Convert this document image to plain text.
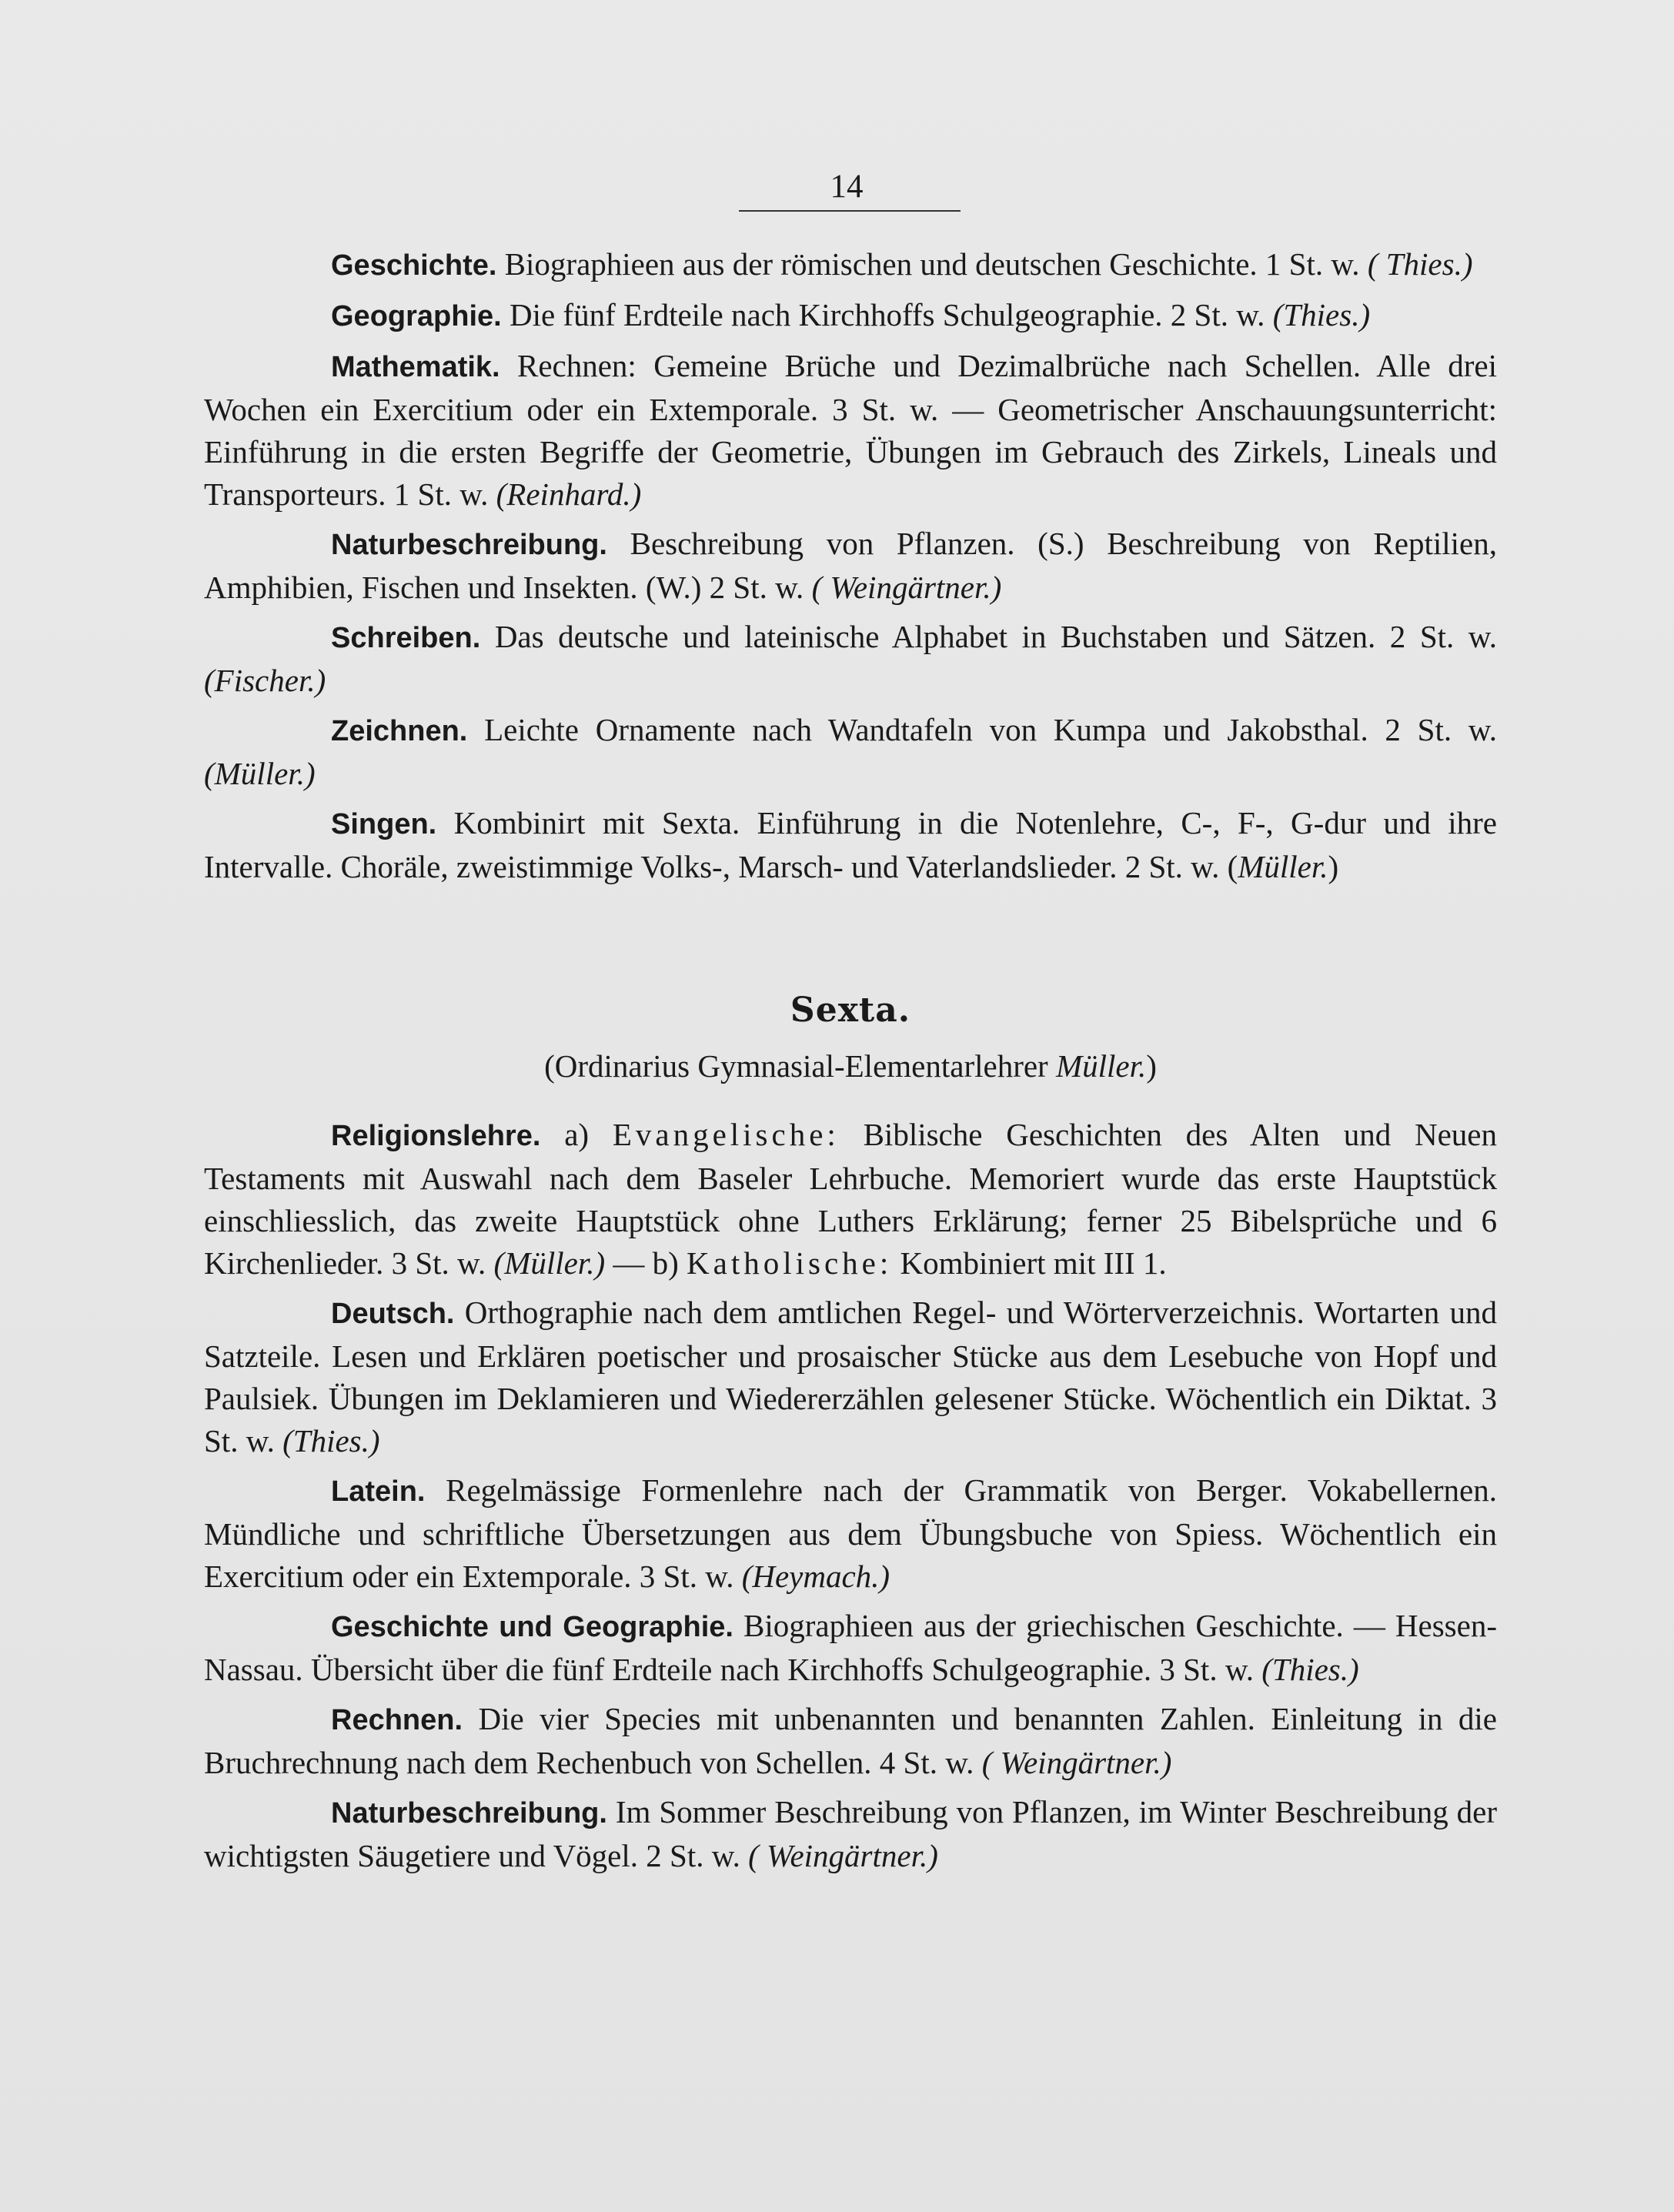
14

Geschichte. Biographieen aus der römischen und deutschen Geschichte. 1 St. w. ( Thies.)

Geographie. Die fünf Erdteile nach Kirchhoffs Schulgeographie. 2 St. w. (Thies.)

Mathematik. Rechnen: Gemeine Brüche und Dezimalbrüche nach Schellen. Alle drei Wochen ein Exercitium oder ein Extemporale. 3 St. w. — Geometrischer Anschauungsunterricht: Einführung in die ersten Begriffe der Geometrie, Übungen im Gebrauch des Zirkels, Lineals und Transporteurs. 1 St. w. (Reinhard.)

Naturbeschreibung. Beschreibung von Pflanzen. (S.) Beschreibung von Reptilien, Amphibien, Fischen und Insekten. (W.) 2 St. w. ( Weingärtner.)

Schreiben. Das deutsche und lateinische Alphabet in Buchstaben und Sätzen. 2 St. w. (Fischer.)

Zeichnen. Leichte Ornamente nach Wandtafeln von Kumpa und Jakobsthal. 2 St. w. (Müller.)

Singen. Kombinirt mit Sexta. Einführung in die Notenlehre, C-, F-, G-dur und ihre Intervalle. Choräle, zweistimmige Volks-, Marsch- und Vaterlandslieder. 2 St. w. (Müller.)

Sexta.

(Ordinarius Gymnasial-Elementarlehrer Müller.)

Religionslehre. a) Evangelische: Biblische Geschichten des Alten und Neuen Testaments mit Auswahl nach dem Baseler Lehrbuche. Memoriert wurde das erste Hauptstück einschliesslich, das zweite Hauptstück ohne Luthers Erklärung; ferner 25 Bibelsprüche und 6 Kirchenlieder. 3 St. w. (Müller.) — b) Katholische: Kombiniert mit III 1.

Deutsch. Orthographie nach dem amtlichen Regel- und Wörterverzeichnis. Wortarten und Satzteile. Lesen und Erklären poetischer und prosaischer Stücke aus dem Lesebuche von Hopf und Paulsiek. Übungen im Deklamieren und Wiedererzählen gelesener Stücke. Wöchentlich ein Diktat. 3 St. w. (Thies.)

Latein. Regelmässige Formenlehre nach der Grammatik von Berger. Vokabellernen. Mündliche und schriftliche Übersetzungen aus dem Übungsbuche von Spiess. Wöchentlich ein Exercitium oder ein Extemporale. 3 St. w. (Heymach.)

Geschichte und Geographie. Biographieen aus der griechischen Geschichte. — Hessen-Nassau. Übersicht über die fünf Erdteile nach Kirchhoffs Schulgeographie. 3 St. w. (Thies.)

Rechnen. Die vier Species mit unbenannten und benannten Zahlen. Einleitung in die Bruchrechnung nach dem Rechenbuch von Schellen. 4 St. w. ( Weingärtner.)

Naturbeschreibung. Im Sommer Beschreibung von Pflanzen, im Winter Beschreibung der wichtigsten Säugetiere und Vögel. 2 St. w. ( Weingärtner.)
